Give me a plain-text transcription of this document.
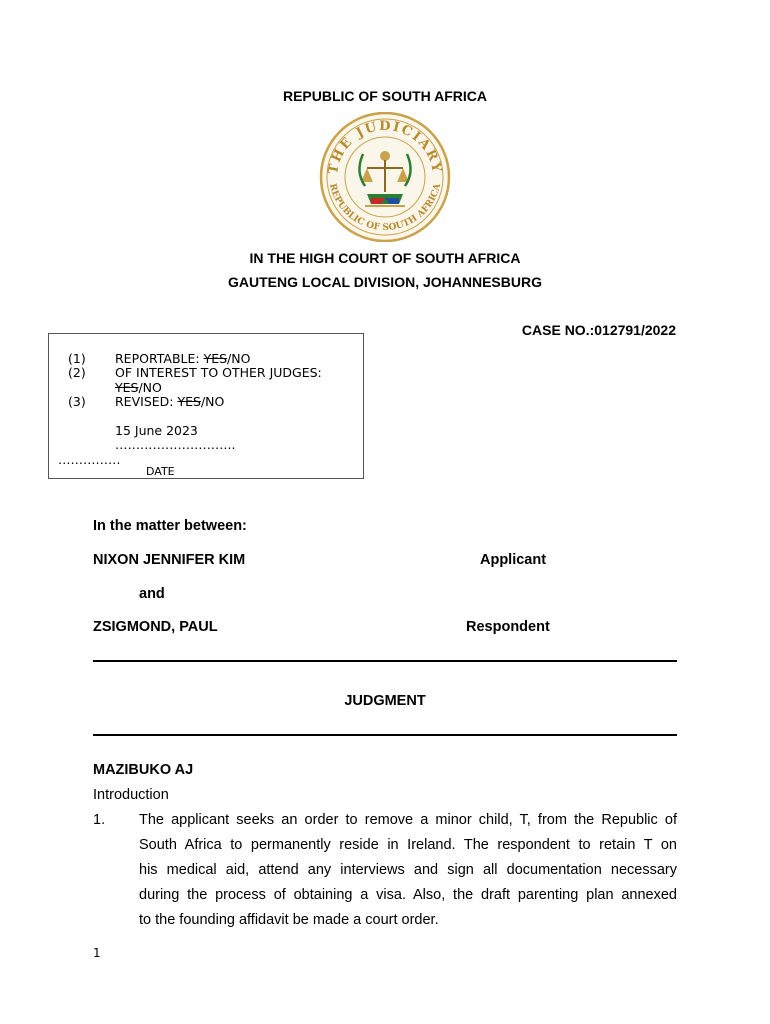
REPUBLIC OF SOUTH AFRICA
THE JUDICIARY
REPUBLIC OF SOUTH AFRICA
IN THE HIGH COURT OF SOUTH AFRICA
GAUTENG LOCAL DIVISION, JOHANNESBURG
CASE NO.:012791/2022
(1) REPORTABLE: YES/NO
(2) OF INTEREST TO OTHER JUDGES:
YES/NO
(3) REVISED: YES/NO
15 June 2023
………………………..
……………
DATE
In the matter between:
NIXON JENNIFER KIM	Applicant
and
ZSIGMOND, PAUL	Respondent
JUDGMENT
MAZIBUKO AJ
Introduction
1. The applicant seeks an order to remove a minor child, T, from the Republic of
South Africa to permanently reside in Ireland. The respondent to retain T on
his medical aid, attend any interviews and sign all documentation necessary
during the process of obtaining a visa. Also, the draft parenting plan annexed
to the founding affidavit be made a court order.
1
